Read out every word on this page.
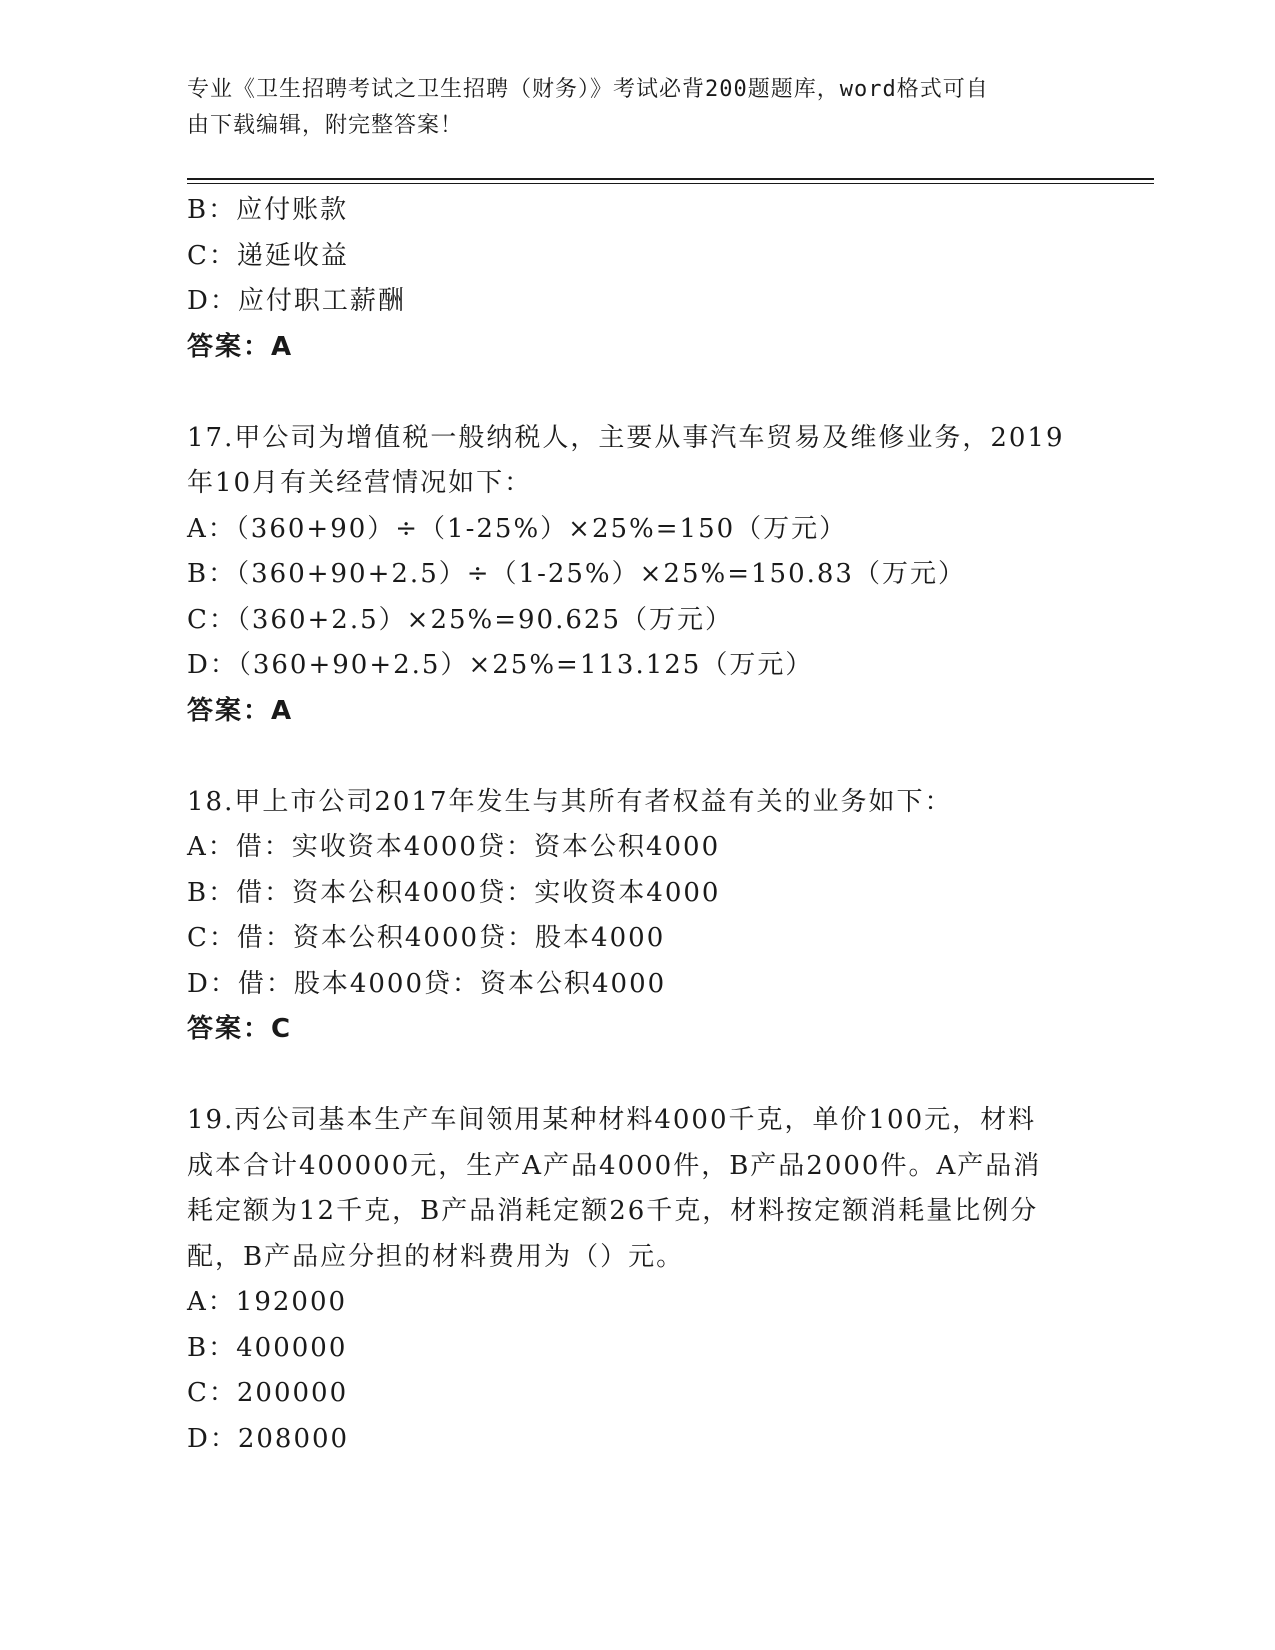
专业《卫生招聘考试之卫生招聘（财务）》考试必背200题题库，word格式可自
由下载编辑，附完整答案！
B：应付账款
C：递延收益
D：应付职工薪酬
答案：A
17.甲公司为增值税一般纳税人，主要从事汽车贸易及维修业务，2019
年10月有关经营情况如下：
A：（360+90）÷（1-25%）×25%=150（万元）
B：（360+90+2.5）÷（1-25%）×25%=150.83（万元）
C：（360+2.5）×25%=90.625（万元）
D：（360+90+2.5）×25%=113.125（万元）
答案：A
18.甲上市公司2017年发生与其所有者权益有关的业务如下：
A：借：实收资本4000贷：资本公积4000
B：借：资本公积4000贷：实收资本4000
C：借：资本公积4000贷：股本4000
D：借：股本4000贷：资本公积4000
答案：C
19.丙公司基本生产车间领用某种材料4000千克，单价100元，材料
成本合计400000元，生产A产品4000件，B产品2000件。A产品消
耗定额为12千克，B产品消耗定额26千克，材料按定额消耗量比例分
配，B产品应分担的材料费用为（）元。
A：192000
B：400000
C：200000
D：208000
